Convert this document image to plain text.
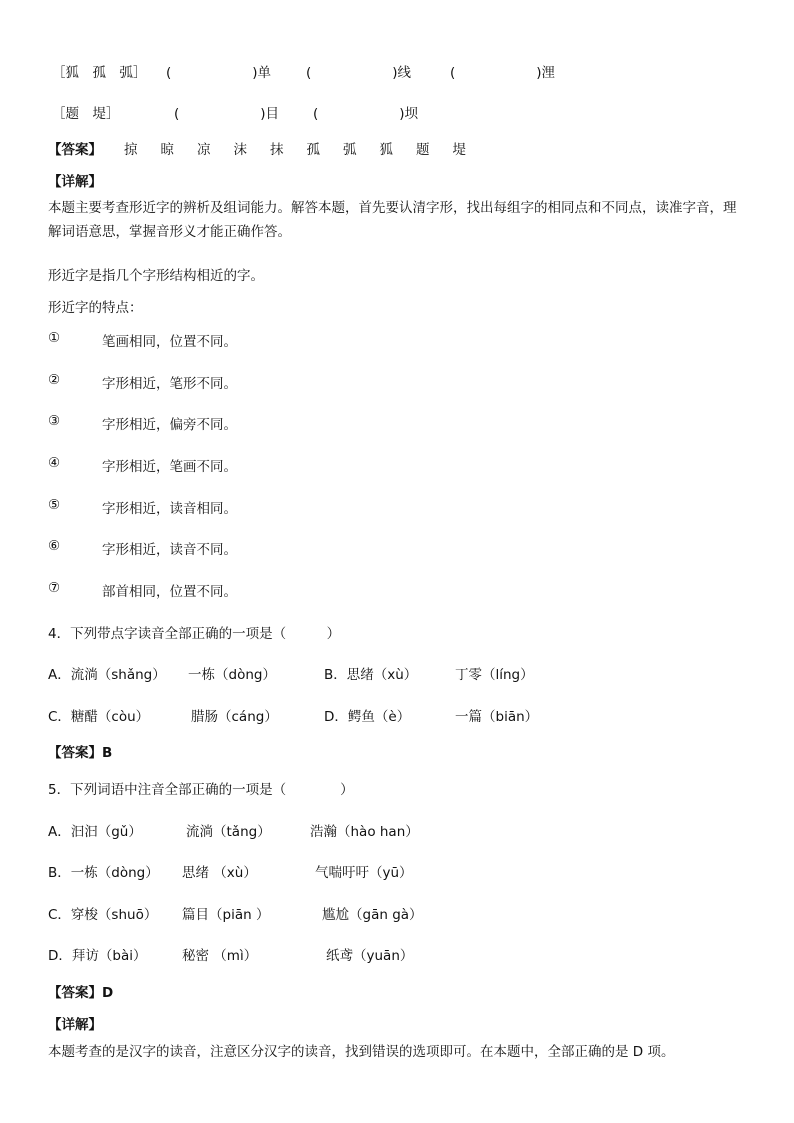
［狐　孤　弧］ (　　　　　　)单	(　　　　　　)线	(　　　　　　)浬
［题　堤］	(　　　　　　)目	(　　　　　　)坝
【答案】 掠 晾 凉 沫 抹 孤 弧 狐 题 堤
【详解】
本题主要考查形近字的辨析及组词能力。解答本题，首先要认清字形，找出每组字的相同点和不同点，读准字音，理解词语意思，掌握音形义才能正确作答。
形近字是指几个字形结构相近的字。
形近字的特点：
①	笔画相同，位置不同。
②	字形相近，笔形不同。
③	字形相近，偏旁不同。
④	字形相近，笔画不同。
⑤	字形相近，读音相同。
⑥	字形相近，读音不同。
⑦	部首相同，位置不同。
4．下列带点字读音全部正确的一项是（　　　）
A．流淌（shǎng） 一栋（dòng）	B．思绪（xù）	丁零（líng）
C．糖醋（còu）	腊肠（cáng）	D．鳄鱼（è）	一篇（biān）
【答案】B
5．下列词语中注音全部正确的一项是（　　　　）
A．汩汩（gǔ）	流淌（tǎng）	浩瀚（hào han）
B．一栋（dòng） 思绪 （xù）	气喘吁吁（yū）
C．穿梭（shuō） 篇目（piān ）	尴尬（gān gà）
D．拜访（bài）	秘密 （mì）	纸鸢（yuān）
【答案】D
【详解】
本题考查的是汉字的读音，注意区分汉字的读音，找到错误的选项即可。在本题中，全部正确的是 D 项。
